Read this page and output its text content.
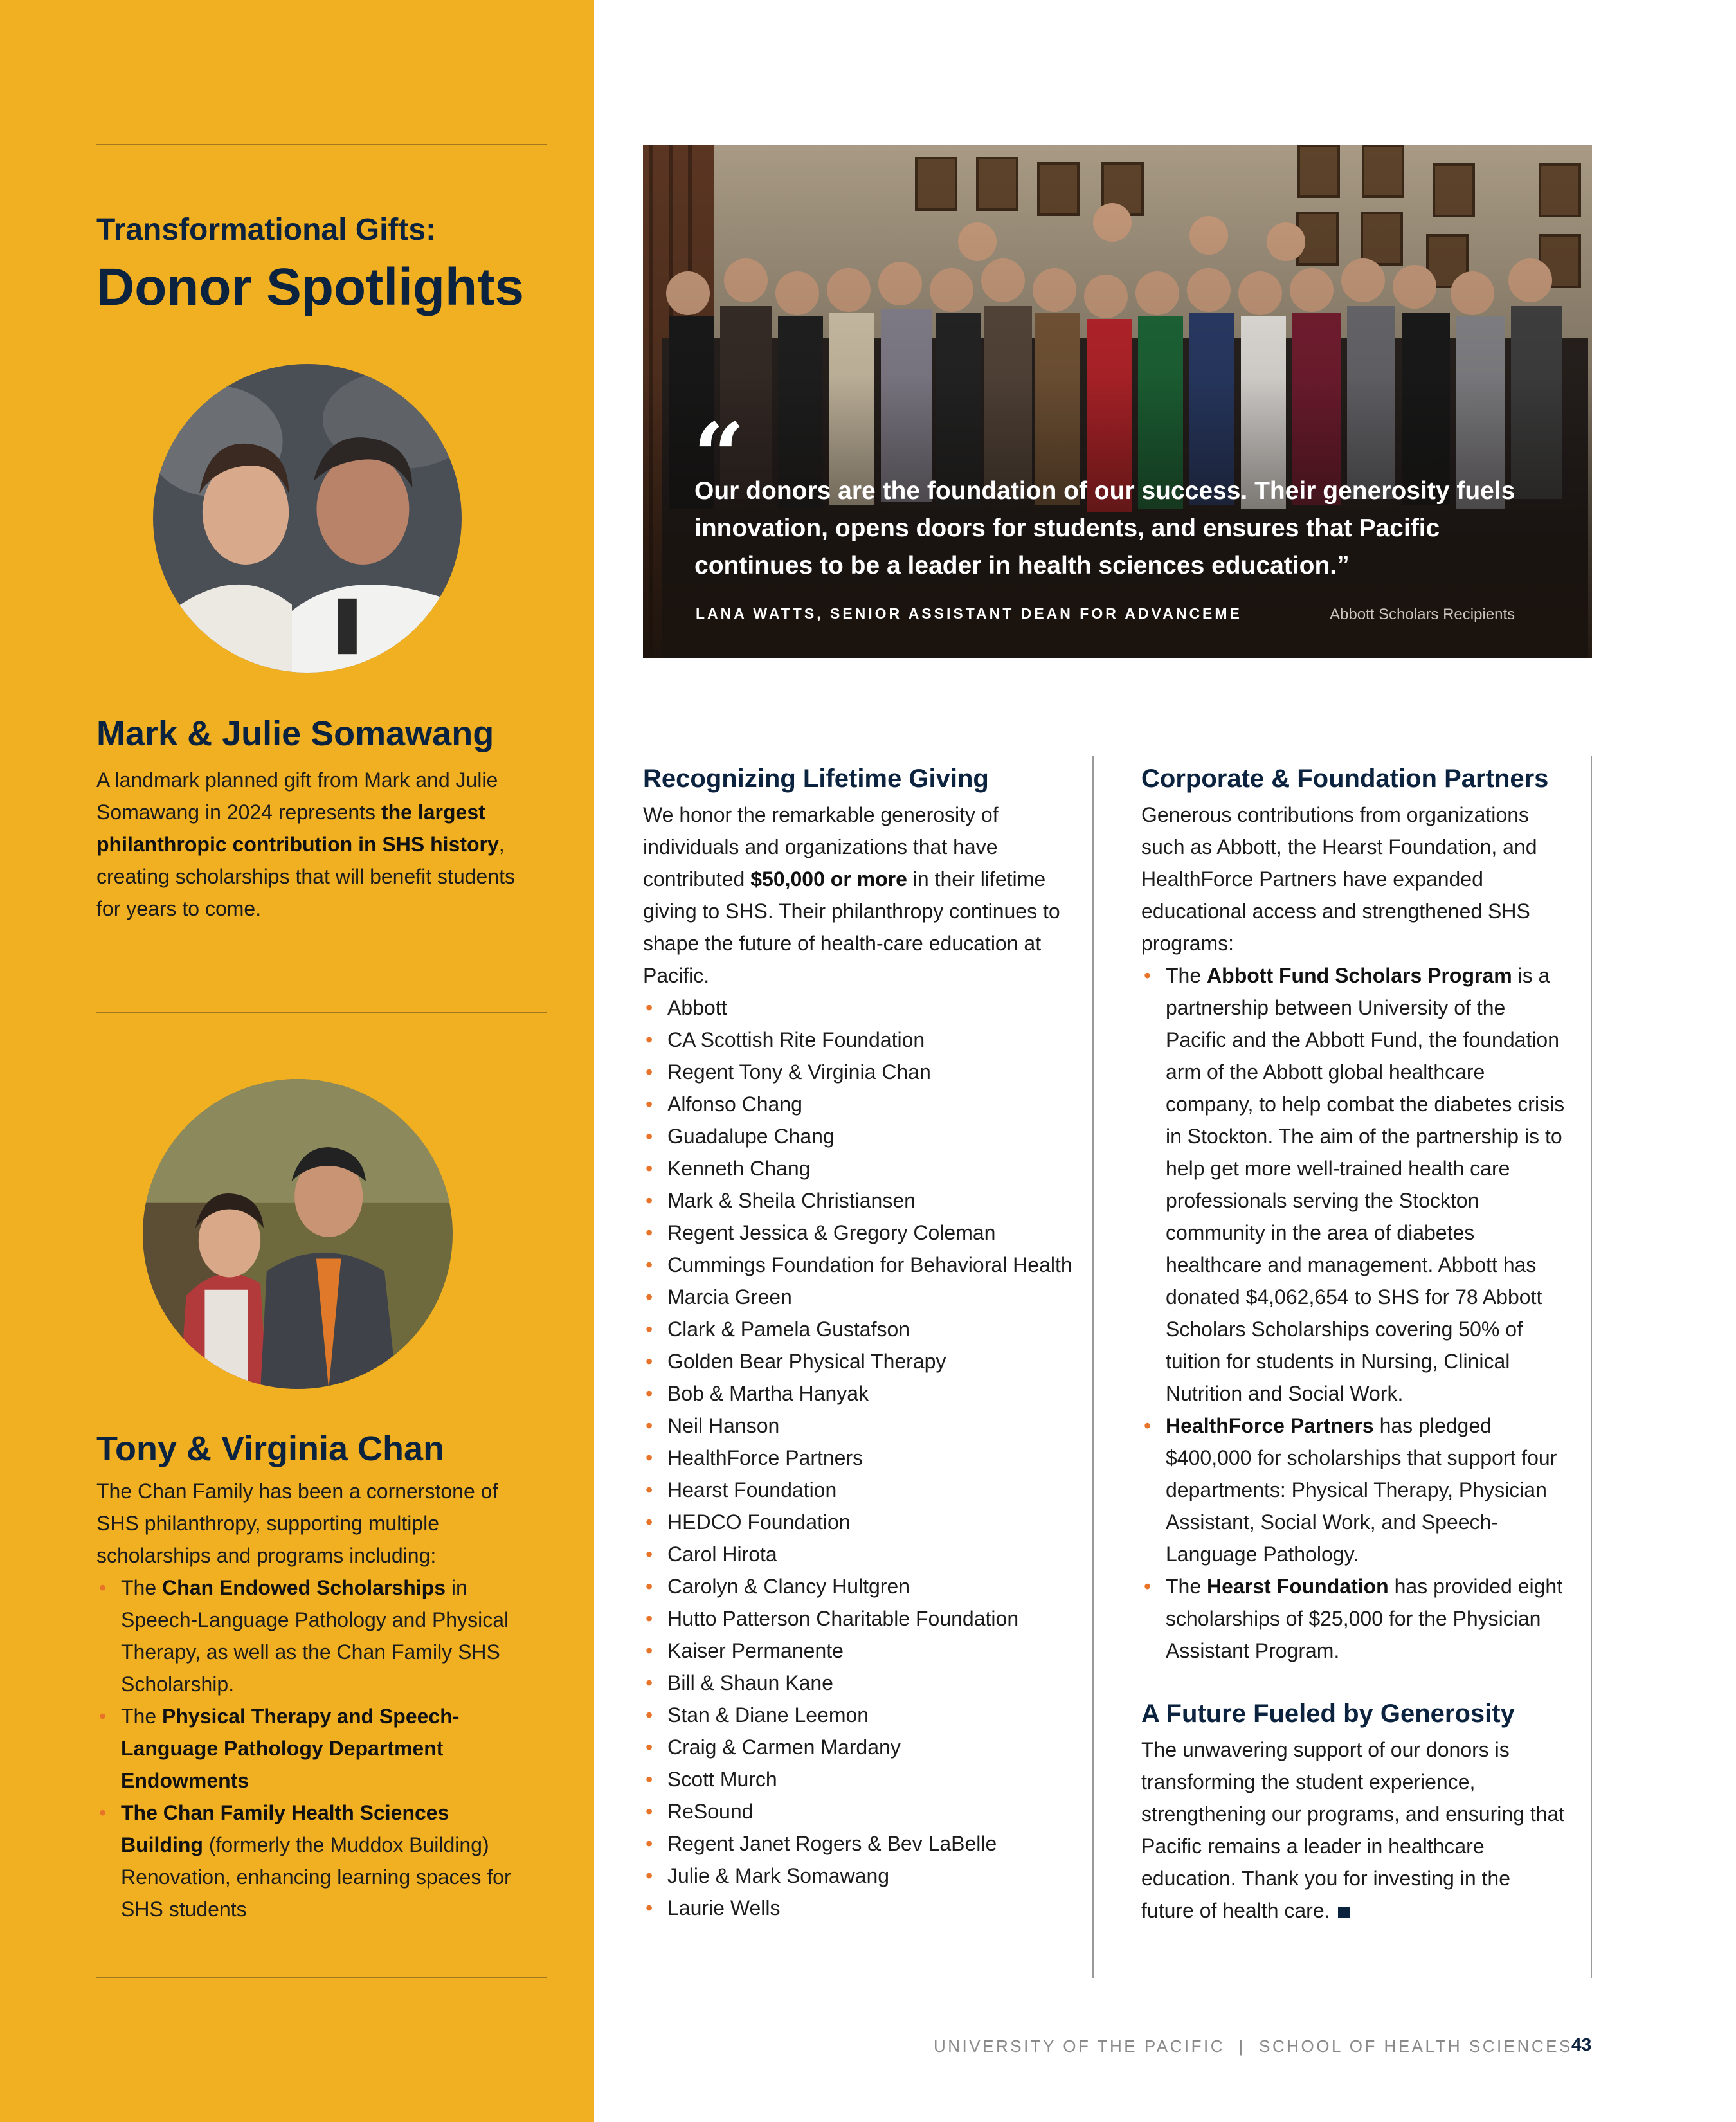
Transformational Gifts:
Donor Spotlights
Mark & Julie Somawang
A landmark planned gift from Mark and Julie Somawang in 2024 represents the largest philanthropic contribution in SHS history, creating scholarships that will benefit students for years to come.
Tony & Virginia Chan
The Chan Family has been a cornerstone of SHS philanthropy, supporting multiple scholarships and programs including:
• The Chan Endowed Scholarships in Speech-Language Pathology and Physical Therapy, as well as the Chan Family SHS Scholarship.
• The Physical Therapy and Speech-Language Pathology Department Endowments
• The Chan Family Health Sciences Building (formerly the Muddox Building) Renovation, enhancing learning spaces for SHS students
“
Our donors are the foundation of our success. Their generosity fuels innovation, opens doors for students, and ensures that Pacific continues to be a leader in health sciences education.”
LANA WATTS, SENIOR ASSISTANT DEAN FOR ADVANCEME	Abbott Scholars Recipients
Recognizing Lifetime Giving
We honor the remarkable generosity of individuals and organizations that have contributed $50,000 or more in their lifetime giving to SHS. Their philanthropy continues to shape the future of health-care education at Pacific.
• Abbott
• CA Scottish Rite Foundation
• Regent Tony & Virginia Chan
• Alfonso Chang
• Guadalupe Chang
• Kenneth Chang
• Mark & Sheila Christiansen
• Regent Jessica & Gregory Coleman
• Cummings Foundation for Behavioral Health
• Marcia Green
• Clark & Pamela Gustafson
• Golden Bear Physical Therapy
• Bob & Martha Hanyak
• Neil Hanson
• HealthForce Partners
• Hearst Foundation
• HEDCO Foundation
• Carol Hirota
• Carolyn & Clancy Hultgren
• Hutto Patterson Charitable Foundation
• Kaiser Permanente
• Bill & Shaun Kane
• Stan & Diane Leemon
• Craig & Carmen Mardany
• Scott Murch
• ReSound
• Regent Janet Rogers & Bev LaBelle
• Julie & Mark Somawang
• Laurie Wells
Corporate & Foundation Partners
Generous contributions from organizations such as Abbott, the Hearst Foundation, and HealthForce Partners have expanded educational access and strengthened SHS programs:
• The Abbott Fund Scholars Program is a partnership between University of the Pacific and the Abbott Fund, the foundation arm of the Abbott global healthcare company, to help combat the diabetes crisis in Stockton. The aim of the partnership is to help get more well-trained health care professionals serving the Stockton community in the area of diabetes healthcare and management. Abbott has donated $4,062,654 to SHS for 78 Abbott Scholars Scholarships covering 50% of tuition for students in Nursing, Clinical Nutrition and Social Work.
• HealthForce Partners has pledged $400,000 for scholarships that support four departments: Physical Therapy, Physician Assistant, Social Work, and Speech-Language Pathology.
• The Hearst Foundation has provided eight scholarships of $25,000 for the Physician Assistant Program.
A Future Fueled by Generosity
The unwavering support of our donors is transforming the student experience, strengthening our programs, and ensuring that Pacific remains a leader in healthcare education. Thank you for investing in the future of health care.
UNIVERSITY OF THE PACIFIC  |  SCHOOL OF HEALTH SCIENCES
43
